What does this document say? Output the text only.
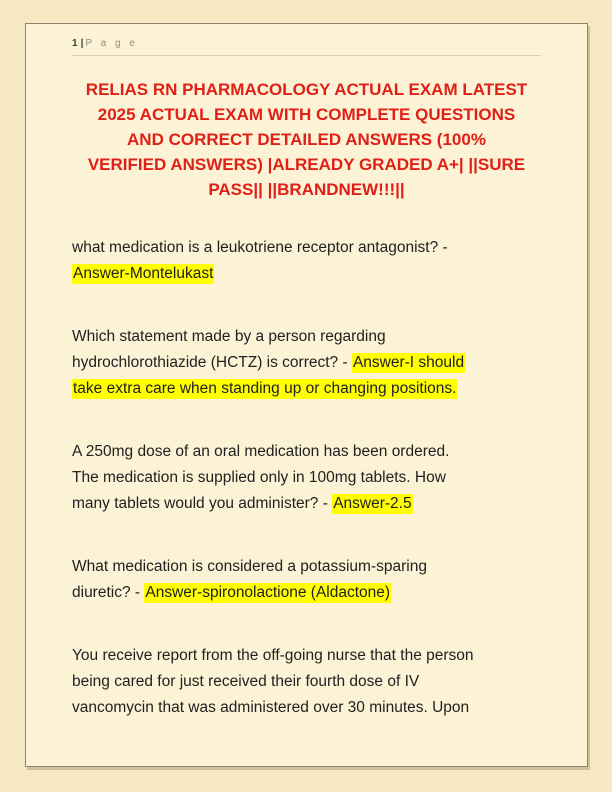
1 | P a g e
RELIAS RN PHARMACOLOGY ACTUAL EXAM LATEST
2025 ACTUAL EXAM WITH COMPLETE QUESTIONS
AND CORRECT DETAILED ANSWERS (100%
VERIFIED ANSWERS) |ALREADY GRADED A+| ||SURE
PASS|| ||BRANDNEW!!!||
what medication is a leukotriene receptor antagonist? -
Answer-Montelukast
Which statement made by a person regarding
hydrochlorothiazide (HCTZ) is correct? - Answer-I should
take extra care when standing up or changing positions.
A 250mg dose of an oral medication has been ordered.
The medication is supplied only in 100mg tablets. How
many tablets would you administer? - Answer-2.5
What medication is considered a potassium-sparing
diuretic? - Answer-spironolactione (Aldactone)
You receive report from the off-going nurse that the person
being cared for just received their fourth dose of IV
vancomycin that was administered over 30 minutes. Upon
